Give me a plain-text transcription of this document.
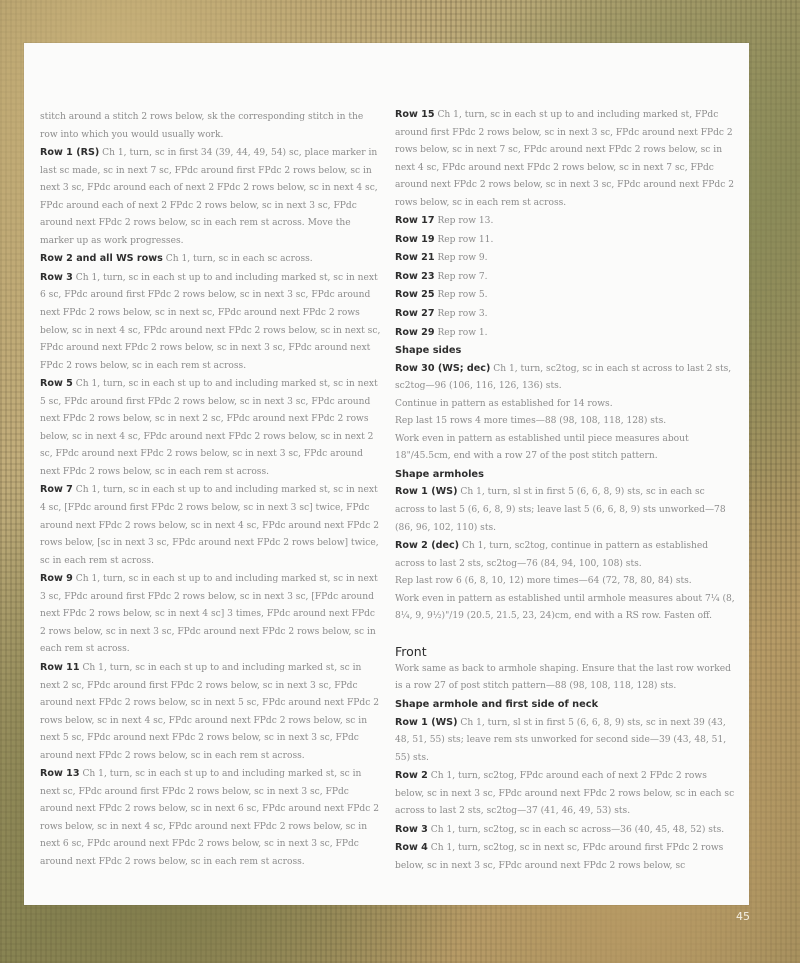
stitch around a stitch 2 rows below, sk the corresponding stitch in the row into which you would usually work.

Row 1 (RS) Ch 1, turn, sc in first 34 (39, 44, 49, 54) sc, place marker in last sc made, sc in next 7 sc, FPdc around first FPdc 2 rows below, sc in next 3 sc, FPdc around each of next 2 FPdc 2 rows below, sc in next 4 sc, FPdc around each of next 2 FPdc 2 rows below, sc in next 3 sc, FPdc around next FPdc 2 rows below, sc in each rem st across. Move the marker up as work progresses.

Row 2 and all WS rows Ch 1, turn, sc in each sc across.

Row 3 Ch 1, turn, sc in each st up to and including marked st, sc in next 6 sc, FPdc around first FPdc 2 rows below, sc in next 3 sc, FPdc around next FPdc 2 rows below, sc in next sc, FPdc around next FPdc 2 rows below, sc in next 4 sc, FPdc around next FPdc 2 rows below, sc in next sc, FPdc around next FPdc 2 rows below, sc in next 3 sc, FPdc around next FPdc 2 rows below, sc in each rem st across.

Row 5 Ch 1, turn, sc in each st up to and including marked st, sc in next 5 sc, FPdc around first FPdc 2 rows below, sc in next 3 sc, FPdc around next FPdc 2 rows below, sc in next 2 sc, FPdc around next FPdc 2 rows below, sc in next 4 sc, FPdc around next FPdc 2 rows below, sc in next 2 sc, FPdc around next FPdc 2 rows below, sc in next 3 sc, FPdc around next FPdc 2 rows below, sc in each rem st across.

Row 7 Ch 1, turn, sc in each st up to and including marked st, sc in next 4 sc, [FPdc around first FPdc 2 rows below, sc in next 3 sc] twice, FPdc around next FPdc 2 rows below, sc in next 4 sc, FPdc around next FPdc 2 rows below, [sc in next 3 sc, FPdc around next FPdc 2 rows below] twice, sc in each rem st across.

Row 9 Ch 1, turn, sc in each st up to and including marked st, sc in next 3 sc, FPdc around first FPdc 2 rows below, sc in next 3 sc, [FPdc around next FPdc 2 rows below, sc in next 4 sc] 3 times, FPdc around next FPdc 2 rows below, sc in next 3 sc, FPdc around next FPdc 2 rows below, sc in each rem st across.

Row 11 Ch 1, turn, sc in each st up to and including marked st, sc in next 2 sc, FPdc around first FPdc 2 rows below, sc in next 3 sc, FPdc around next FPdc 2 rows below, sc in next 5 sc, FPdc around next FPdc 2 rows below, sc in next 4 sc, FPdc around next FPdc 2 rows below, sc in next 5 sc, FPdc around next FPdc 2 rows below, sc in next 3 sc, FPdc around next FPdc 2 rows below, sc in each rem st across.

Row 13 Ch 1, turn, sc in each st up to and including marked st, sc in next sc, FPdc around first FPdc 2 rows below, sc in next 3 sc, FPdc around next FPdc 2 rows below, sc in next 6 sc, FPdc around next FPdc 2 rows below, sc in next 4 sc, FPdc around next FPdc 2 rows below, sc in next 6 sc, FPdc around next FPdc 2 rows below, sc in next 3 sc, FPdc around next FPdc 2 rows below, sc in each rem st across.

Row 15 Ch 1, turn, sc in each st up to and including marked st, FPdc around first FPdc 2 rows below, sc in next 3 sc, FPdc around next FPdc 2 rows below, sc in next 7 sc, FPdc around next FPdc 2 rows below, sc in next 4 sc, FPdc around next FPdc 2 rows below, sc in next 7 sc, FPdc around next FPdc 2 rows below, sc in next 3 sc, FPdc around next FPdc 2 rows below, sc in each rem st across.

Row 17 Rep row 13.

Row 19 Rep row 11.

Row 21 Rep row 9.

Row 23 Rep row 7.

Row 25 Rep row 5.

Row 27 Rep row 3.

Row 29 Rep row 1.

Shape sides

Row 30 (WS; dec) Ch 1, turn, sc2tog, sc in each st across to last 2 sts, sc2tog—96 (106, 116, 126, 136) sts.

Continue in pattern as established for 14 rows.

Rep last 15 rows 4 more times—88 (98, 108, 118, 128) sts.

Work even in pattern as established until piece measures about 18"/45.5cm, end with a row 27 of the post stitch pattern.

Shape armholes

Row 1 (WS) Ch 1, turn, sl st in first 5 (6, 6, 8, 9) sts, sc in each sc across to last 5 (6, 6, 8, 9) sts; leave last 5 (6, 6, 8, 9) sts unworked—78 (86, 96, 102, 110) sts.

Row 2 (dec) Ch 1, turn, sc2tog, continue in pattern as established across to last 2 sts, sc2tog—76 (84, 94, 100, 108) sts.

Rep last row 6 (6, 8, 10, 12) more times—64 (72, 78, 80, 84) sts.

Work even in pattern as established until armhole measures about 7¼ (8, 8¼, 9, 9½)"/19 (20.5, 21.5, 23, 24)cm, end with a RS row. Fasten off.

Front

Work same as back to armhole shaping. Ensure that the last row worked is a row 27 of post stitch pattern—88 (98, 108, 118, 128) sts.

Shape armhole and first side of neck

Row 1 (WS) Ch 1, turn, sl st in first 5 (6, 6, 8, 9) sts, sc in next 39 (43, 48, 51, 55) sts; leave rem sts unworked for second side—39 (43, 48, 51, 55) sts.

Row 2 Ch 1, turn, sc2tog, FPdc around each of next 2 FPdc 2 rows below, sc in next 3 sc, FPdc around next FPdc 2 rows below, sc in each sc across to last 2 sts, sc2tog—37 (41, 46, 49, 53) sts.

Row 3 Ch 1, turn, sc2tog, sc in each sc across—36 (40, 45, 48, 52) sts.

Row 4 Ch 1, turn, sc2tog, sc in next sc, FPdc around first FPdc 2 rows below, sc in next 3 sc, FPdc around next FPdc 2 rows below, sc

45
